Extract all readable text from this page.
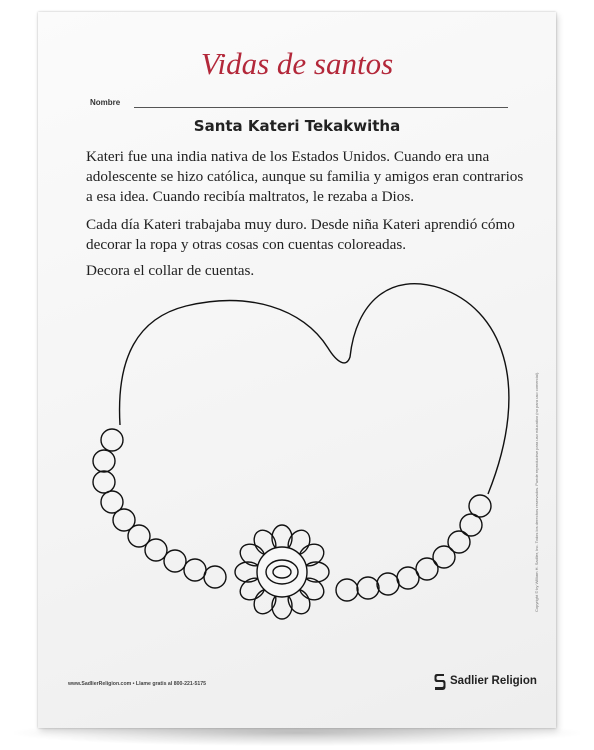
Vidas de santos
Nombre
Santa Kateri Tekakwitha
Kateri fue una india nativa de los Estados Unidos. Cuando era una adolescente se hizo católica, aunque su familia y amigos eran contrarios a esa idea. Cuando recibía maltratos, le rezaba a Dios.
Cada día Kateri trabajaba muy duro. Desde niña Kateri aprendió cómo decorar la ropa y otras cosas con cuentas coloreadas.
Decora el collar de cuentas.
Copyright © by William H. Sadlier, Inc. Todos los derechos reservados. Puede reproducirse para uso educativo (no para uso comercial).
www.SadlierReligion.com • Llame gratis al 800-221-5175	Sadlier Religion
